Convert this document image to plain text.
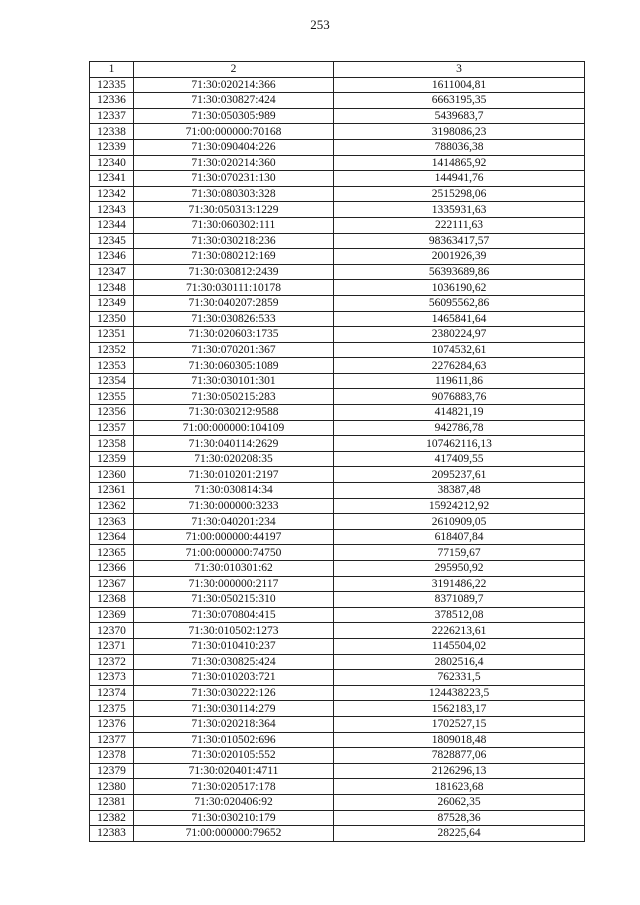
253
1	2	3
12335	71:30:020214:366	1611004,81
12336	71:30:030827:424	6663195,35
12337	71:30:050305:989	5439683,7
12338	71:00:000000:70168	3198086,23
12339	71:30:090404:226	788036,38
12340	71:30:020214:360	1414865,92
12341	71:30:070231:130	144941,76
12342	71:30:080303:328	2515298,06
12343	71:30:050313:1229	1335931,63
12344	71:30:060302:111	222111,63
12345	71:30:030218:236	98363417,57
12346	71:30:080212:169	2001926,39
12347	71:30:030812:2439	56393689,86
12348	71:30:030111:10178	1036190,62
12349	71:30:040207:2859	56095562,86
12350	71:30:030826:533	1465841,64
12351	71:30:020603:1735	2380224,97
12352	71:30:070201:367	1074532,61
12353	71:30:060305:1089	2276284,63
12354	71:30:030101:301	119611,86
12355	71:30:050215:283	9076883,76
12356	71:30:030212:9588	414821,19
12357	71:00:000000:104109	942786,78
12358	71:30:040114:2629	107462116,13
12359	71:30:020208:35	417409,55
12360	71:30:010201:2197	2095237,61
12361	71:30:030814:34	38387,48
12362	71:30:000000:3233	15924212,92
12363	71:30:040201:234	2610909,05
12364	71:00:000000:44197	618407,84
12365	71:00:000000:74750	77159,67
12366	71:30:010301:62	295950,92
12367	71:30:000000:2117	3191486,22
12368	71:30:050215:310	8371089,7
12369	71:30:070804:415	378512,08
12370	71:30:010502:1273	2226213,61
12371	71:30:010410:237	1145504,02
12372	71:30:030825:424	2802516,4
12373	71:30:010203:721	762331,5
12374	71:30:030222:126	124438223,5
12375	71:30:030114:279	1562183,17
12376	71:30:020218:364	1702527,15
12377	71:30:010502:696	1809018,48
12378	71:30:020105:552	7828877,06
12379	71:30:020401:4711	2126296,13
12380	71:30:020517:178	181623,68
12381	71:30:020406:92	26062,35
12382	71:30:030210:179	87528,36
12383	71:00:000000:79652	28225,64
